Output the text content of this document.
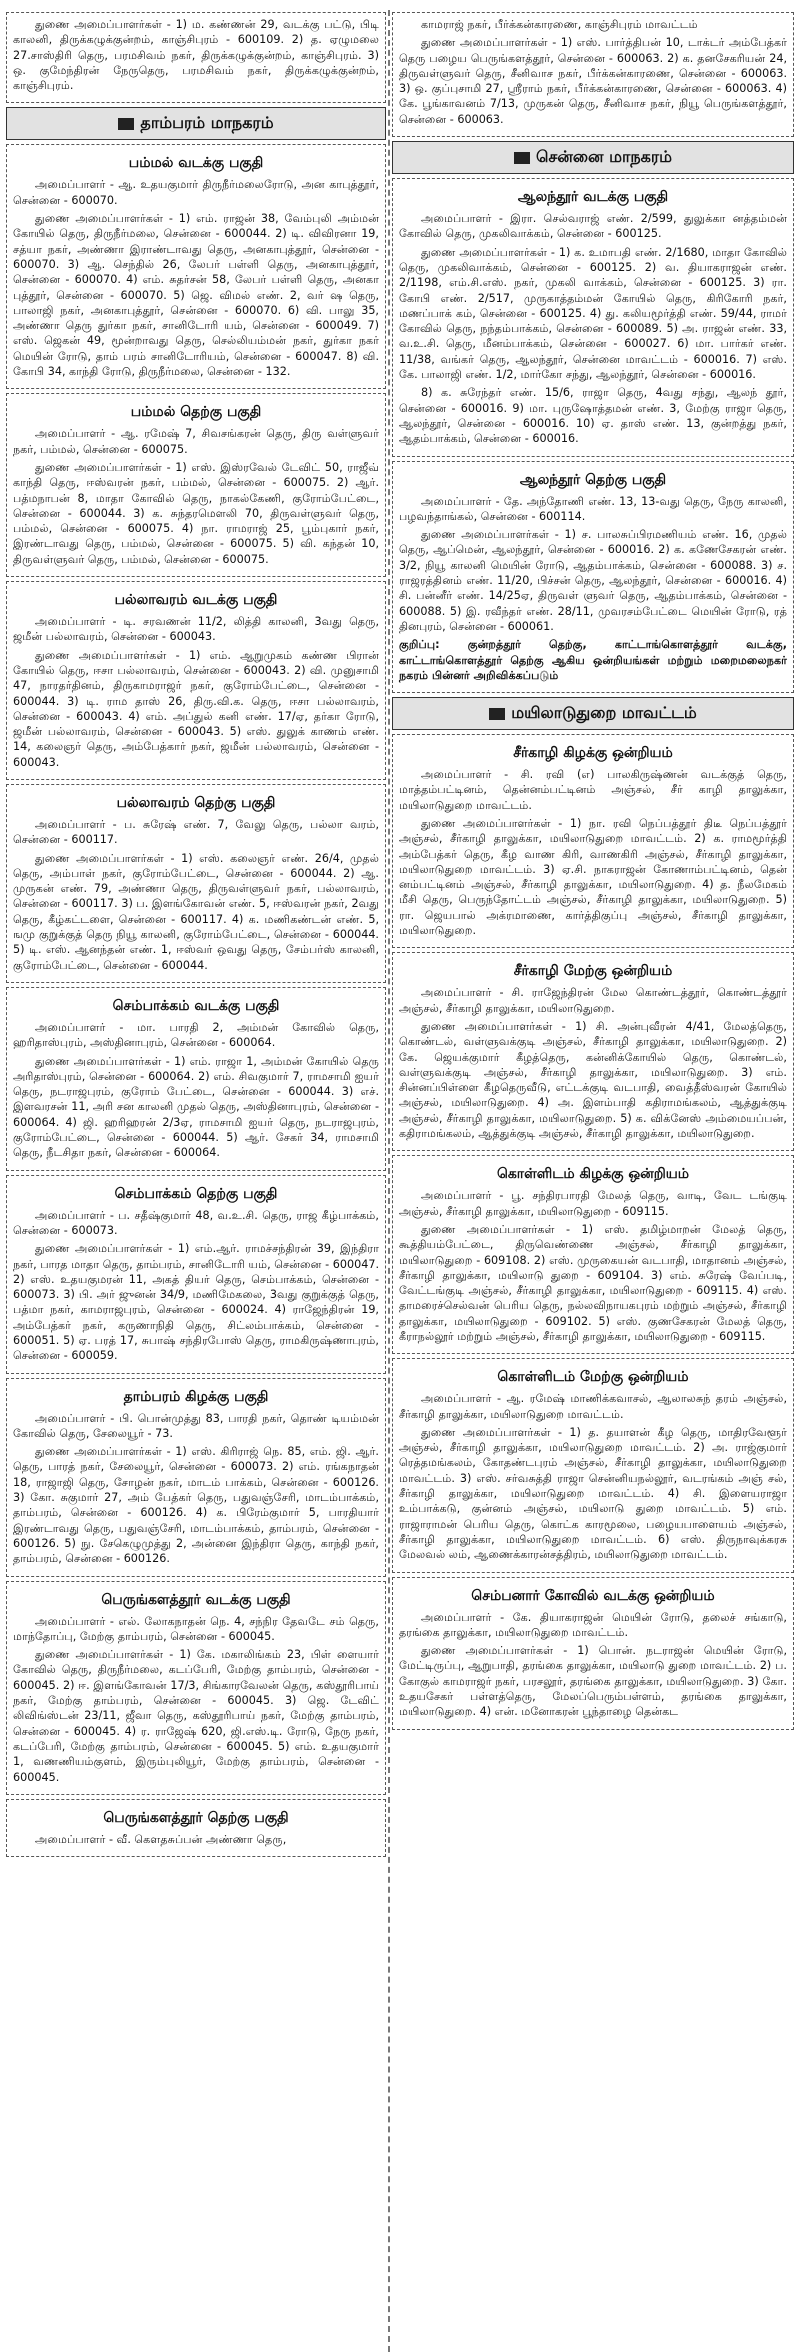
துணை அமைப்பாளர்கள் - 1) ம. கண்ணன் 29, வடக்கு பட்டு, பிடி காலனி, திருக்கழுக்குன்றம், காஞ்சிபுரம் - 600109. 2) த. ஏழுமலை 27.சாஸ்திரி தெரு, பரமசிவம் நகர், திருக்கழுக்குன்றம், காஞ்சிபுரம். 3) ஒ. குமேந்திரன் நேருதெரு, பரமசிவம் நகர், திருக்கழுக்குன்றம், காஞ்சிபுரம்.

தாம்பரம் மாநகரம்
பம்மல் வடக்கு பகுதி

அமைப்பாளர் - ஆ. உதயகுமார் திருநீர்மலைரோடு, அன காபுத்தூர், சென்னை - 600070.

துணை அமைப்பாளர்கள் - 1) எம். ராஜன் 38, வேம்புலி அம்மன் கோயில் தெரு, திருநீர்மலை, சென்னை - 600044. 2) டி. விவிரனா 19, சத்யா நகர், அண்ணா இராண்டாவது தெரு, அனகாபுத்தூர், சென்னை - 600070. 3) ஆ. செந்தில் 26, லேபர் பள்ளி தெரு, அனகாபுத்தூர், சென்னை - 600070. 4) எம். சுதர்சன் 58, லேபர் பள்ளி தெரு, அனகா புத்தூர், சென்னை - 600070. 5) ஜெ. விமல் எண். 2, வர் ஷ தெரு, பாலாஜி நகர், அனகாபுத்தூர், சென்னை - 600070. 6) வி. பாலு 35, அண்ணா தெரு துர்கா நகர், சானிடோரி யம், சென்னை - 600049. 7) எஸ். ஜெகன் 49, மூன்றாவது தெரு, செல்லியம்மன் நகர், துர்கா நகர் மெயின் ரோடு, தாம் பரம் சானிடோரியம், சென்னை - 600047. 8) வி. கோபி 34, காந்தி ரோடு, திருநீர்மலை, சென்னை - 132.

பம்மல் தெற்கு பகுதி

அமைப்பாளர் - ஆ. ரமேஷ் 7, சிவசங்கரன் தெரு, திரு வள்ளுவர் நகர், பம்மல், சென்னை - 600075.

துணை அமைப்பாளர்கள் - 1) எஸ். இஸ்ரவேல் டேவிட் 50, ராஜீவ் காந்தி தெரு, ஈஸ்வரன் நகர், பம்மல், சென்னை - 600075. 2) ஆர். பத்மநாபன் 8, மாதா கோவில் தெரு, நாகல்கேணி, குரோம்பேட்டை, சென்னை - 600044. 3) க. சுந்தரமௌலி 70, திருவள்ளுவர் தெரு, பம்மல், சென்னை - 600075. 4) நா. ராமராஜ் 25, பூம்புகார் நகர், இரண்டாவது தெரு, பம்மல், சென்னை - 600075. 5) வி. கந்தன் 10, திருவள்ளுவர் தெரு, பம்மல், சென்னை - 600075.

பல்லாவரம் வடக்கு பகுதி

அமைப்பாளர் - டி. சரவணன் 11/2, லித்தி காலனி, 3வது தெரு, ஜமீன் பல்லாவரம், சென்னை - 600043.

துணை அமைப்பாளர்கள் - 1) எம். ஆறுமுகம் கண்ண பிரான் கோயில் தெரு, ஈசா பல்லாவரம், சென்னை - 600043. 2) வி. முனுசாமி 47, நாரதர்தினம், திருகாமராஜர் நகர், குரோம்பேட்டை, சென்னை - 600044. 3) டி. ராம தாஸ் 26, திரு.வி.க. தெரு, ஈசா பல்லாவரம், சென்னை - 600043. 4) எம். அப்துல் கனி எண். 17/ஏ, தர்கா ரோடு, ஜமீன் பல்லாவரம், சென்னை - 600043. 5) எஸ். துலுக் காணம் எண். 14, கலைஞர் தெரு, அம்பேத்கார் நகர், ஜமீன் பல்லாவரம், சென்னை - 600043.

பல்லாவரம் தெற்கு பகுதி

அமைப்பாளர் - ப. சுரேஷ் எண். 7, வேலு தெரு, பல்லா வரம், சென்னை - 600117.

துணை அமைப்பாளர்கள் - 1) எஸ். கலைஞர் எண். 26/4, முதல் தெரு, அம்பாள் நகர், குரோம்பேட்டை, சென்னை - 600044. 2) ஆ. முருகன் எண். 79, அண்ணா தெரு, திருவள்ளுவர் நகர், பல்லாவரம், சென்னை - 600117. 3) ப. இளங்கோவன் எண். 5, ஈஸ்வரன் நகர், 2வது தெரு, கீழ்கட்டளை, சென்னை - 600117. 4) க. மணிகண்டன் எண். 5, ஙமு குறுக்குத் தெரு நியூ காலனி, குரோம்பேட்டை, சென்னை - 600044. 5) டி. எஸ். ஆனந்தன் எண். 1, ஈஸ்வர் ஒவது தெரு, சேம்பர்ஸ் காலனி, குரோம்பேட்டை, சென்னை - 600044.

செம்பாக்கம் வடக்கு பகுதி

அமைப்பாளர் - மா. பாரதி 2, அம்மன் கோவில் தெரு, ஹரிதாஸ்புரம், அஸ்தினாபுரம், சென்னை - 600064.

துணை அமைப்பாளர்கள் - 1) எம். ராஜா 1, அம்மன் கோயில் தெரு அரிதாஸ்புரம், சென்னை - 600064. 2) எம். சிவகுமார் 7, ராமசாமி ஐயர் தெரு, நடராஜபுரம், குரோம் பேட்டை, சென்னை - 600044. 3) எச். இளவரசன் 11, அரி சன காலனி முதல் தெரு, அஸ்தினாபுரம், சென்னை - 600064. 4) ஜி. ஹரிஹரன் 2/3ஏ, ராமசாமி ஐயர் தெரு, நடராஜபுரம், குரோம்பேட்டை, சென்னை - 600044. 5) ஆர். சேகர் 34, ராமசாமி தெரு, நீடசிதா நகர், சென்னை - 600064.

செம்பாக்கம் தெற்கு பகுதி

அமைப்பாளர் - ப. சதீஷ்குமார் 48, வ.உ.சி. தெரு, ராஜ கீழ்பாக்கம், சென்னை - 600073.

துணை அமைப்பாளர்கள் - 1) எம்.ஆர். ராமச்சந்திரன் 39, இந்திரா நகர், பாரத மாதா தெரு, தாம்பரம், சானிடோரி யம், சென்னை - 600047. 2) எஸ். உதயகுமரன் 11, அகத் தியர் தெரு, செம்பாக்கம், சென்னை - 600073. 3) பி. அர் ஜுனன் 34/9, மணிமேகலை, 3வது குறுக்குத் தெரு, பத்மா நகர், காமராஜபுரம், சென்னை - 600024. 4) ராஜேந்திரன் 19, அம்பேத்கர் நகர், கருணாநிதி தெரு, சிட்லம்பாக்கம், சென்னை - 600051. 5) ஏ. பரத் 17, சுபாஷ் சந்திரபோஸ் தெரு, ராமகிருஷ்ணாபுரம், சென்னை - 600059.

தாம்பரம் கிழக்கு பகுதி

அமைப்பாளர் - பி. பொன்முத்து 83, பாரதி நகர், தொண் டியம்மன் கோவில் தெரு, சேலையூர் - 73.

துணை அமைப்பாளர்கள் - 1) எஸ். கிரிராஜ் நெ. 85, எம். ஜி. ஆர். தெரு, பாரத் நகர், சேலையூர், சென்னை - 600073. 2) எம். ரங்கநாதன் 18, ராஜாஜி தெரு, சோழன் நகர், மாடம் பாக்கம், சென்னை - 600126. 3) கோ. சுகுமார் 27, அம் பேத்கர் தெரு, பதுவஞ்சேரி, மாடம்பாக்கம், தாம்பரம், சென்னை - 600126. 4) க. பிரேம்குமார் 5, பாரதியார் இரண்டாவது தெரு, பதுவஞ்சேரி, மாடம்பாக்கம், தாம்பரம், சென்னை - 600126. 5) நு. சேகெழுமுத்து 2, அன்னை இந்திரா தெரு, காந்தி நகர், தாம்பரம், சென்னை - 600126.

பெருங்களத்தூர் வடக்கு பகுதி

அமைப்பாளர் - எல். லோகநாதன் நெ. 4, சந்நிர தேவடே சம் தெரு, மாந்தோப்பு, மேற்கு தாம்பரம், சென்னை - 600045.

துணை அமைப்பாளர்கள் - 1) கே. மகாலிங்கம் 23, பிள் ளையார் கோவில் தெரு, திருநீர்மலை, கடப்பேரி, மேற்கு தாம்பரம், சென்னை - 600045. 2) ஈ. இளங்கோவன் 17/3, சிங்காரவேலன் தெரு, கஸ்தூரிபாய் நகர், மேற்கு தாம்பரம், சென்னை - 600045. 3) ஜெ. டேவிட் லிவிங்ஸ்டன் 23/11, ஜீவா தெரு, கஸ்தூரிபாய் நகர், மேற்கு தாம்பரம், சென்னை - 600045. 4) ர. ராஜேஷ் 620, ஜி.எஸ்.டி. ரோடு, நேரு நகர், கடப்பேரி, மேற்கு தாம்பரம், சென்னை - 600045. 5) எம். உதயகுமார் 1, வணணியம்குளம், இரும்புலியூர், மேற்கு தாம்பரம், சென்னை - 600045.

பெருங்களத்தூர் தெற்கு பகுதி

அமைப்பாளர் - வீ. கௌதசுப்பன் அண்ணா தெரு,

காமராஜ் நகர், பீர்க்கன்காரணை, காஞ்சிபுரம் மாவட்டம்

துணை அமைப்பாளர்கள் - 1) எஸ். பார்த்திபன் 10, டாக்டர் அம்பேத்கர் தெரு பழைய பெருங்களத்தூர், சென்னை - 600063. 2) க. தனசேகரியன் 24, திருவள்ளுவர் தெரு, சீனிவாச நகர், பீர்க்கன்காரணை, சென்னை - 600063. 3) ஒ. குப்புசாமி 27, ஸ்ரீராம் நகர், பீர்க்கன்காரணை, சென்னை - 600063. 4) கே. பூங்காவனம் 7/13, முருகன் தெரு, சீனிவாச நகர், நியூ பெருங்களத்தூர், சென்னை - 600063.

சென்னை மாநகரம்
ஆலந்தூர் வடக்கு பகுதி

அமைப்பாளர் - இரா. செல்வராஜ் எண். 2/599, துலுக்கா னத்தம்மன் கோவில் தெரு, முகலிவாக்கம், சென்னை - 600125.

துணை அமைப்பாளர்கள் - 1) க. உமாபதி எண். 2/1680, மாதா கோவில் தெரு, முகலிவாக்கம், சென்னை - 600125. 2) வ. தியாகராஜன் எண். 2/1198, எம்.சி.எஸ். நகர், முகலி வாக்கம், சென்னை - 600125. 3) ரா. கோபி எண். 2/517, முருகாத்தம்மன் கோயில் தெரு, கிரிகோரி நகர், மணப்பாக் கம், சென்னை - 600125. 4) து. கலியமூர்த்தி எண். 59/44, ராமர் கோவில் தெரு, நந்தம்பாக்கம், சென்னை - 600089. 5) அ. ராஜன் எண். 33, வ.உ.சி. தெரு, மீனம்பாக்கம், சென்னை - 600027. 6) மா. பார்கர் எண். 11/38, வங்கர் தெரு, ஆலந்தூர், சென்னை மாவட்டம் - 600016. 7) எஸ். கே. பாலாஜி எண். 1/2, மார்கோ சந்து, ஆலந்தூர், சென்னை - 600016.

8) க. சுரேந்தர் எண். 15/6, ராஜா தெரு, 4வது சந்து, ஆலந் தூர், சென்னை - 600016. 9) மா. புருஷோத்தமன் எண். 3, மேற்கு ராஜா தெரு, ஆலந்தூர், சென்னை - 600016. 10) ஏ. தாஸ் எண். 13, குன்றத்து நகர், ஆதம்பாக்கம், சென்னை - 600016.

ஆலந்தூர் தெற்கு பகுதி

அமைப்பாளர் - தே. அந்தோணி எண். 13, 13-வது தெரு, நேரு காலனி, பழவந்தாங்கல், சென்னை - 600114.

துணை அமைப்பாளர்கள் - 1) ச. பாலசுப்பிரமணியம் எண். 16, முதல் தெரு, ஆப்மென், ஆலந்தூர், சென்னை - 600016. 2) க. கணேசேகரன் எண். 3/2, நியூ காலனி மெயின் ரோடு, ஆதம்பாக்கம், சென்னை - 600088. 3) ச. ராஜரத்தினம் எண். 11/20, பிச்சன் தெரு, ஆலந்தூர், சென்னை - 600016. 4) சி. பன்னீர் எண். 14/25ஏ, திருவள் ளுவர் தெரு, ஆதம்பாக்கம், சென்னை - 600088. 5) இ. ரவீந்தர் எண். 28/11, முவரசம்பேட்டை மெயின் ரோடு, ரத் தினபுரம், சென்னை - 600061.

குறிப்பு: குன்றத்தூர் தெற்கு, காட்டாங்கொளத்தூர் வடக்கு, காட்டாங்கொளத்தூர் தெற்கு ஆகிய ஒன்றியங்கள் மற்றும் மறைமலைநகர் நகரம் பின்னர் அறிவிக்கப்படும்

மயிலாடுதுறை மாவட்டம்
சீர்காழி கிழக்கு ஒன்றியம்

அமைப்பாளர் - சி. ரவி (எ) பாலகிருஷ்ணன் வடக்குத் தெரு, மாத்தம்பட்டினம், தென்னம்பட்டினம் அஞ்சல், சீர் காழி தாலுக்கா, மயிலாடுதுறை மாவட்டம்.

துணை அமைப்பாளர்கள் - 1) நா. ரவி நெப்பத்தூர் திடீ நெப்பத்தூர் அஞ்சல், சீர்காழி தாலுக்கா, மயிலாடுதுறை மாவட்டம். 2) க. ராமமூர்த்தி அம்பேத்கர் தெரு, கீழ வாண கிரி, வாணகிரி அஞ்சல், சீர்காழி தாலுக்கா, மயிலாடுதுறை மாவட்டம். 3) ஏ.சி. நாகராஜன் கோணாம்பட்டினம், தென் னம்பட்டினம் அஞ்சல், சீர்காழி தாலுக்கா, மயிலாடுதுறை. 4) த. நீலமேகம் மீசி தெரு, பெருந்தோட்டம் அஞ்சல், சீர்காழி தாலுக்கா, மயிலாடுதுறை. 5) ரா. ஜெயபால் அக்ரமாணை, கார்த்திகுப்பு அஞ்சல், சீர்காழி தாலுக்கா, மயிலாடுதுறை.

சீர்காழி மேற்கு ஒன்றியம்

அமைப்பாளர் - சி. ராஜேந்திரன் மேல கொண்டத்தூர், கொண்டத்தூர் அஞ்சல், சீர்காழி தாலுக்கா, மயிலாடுதுறை.

துணை அமைப்பாளர்கள் - 1) சி. அன்புவீரன் 4/41, மேலத்தெரு, கொண்டல், வள்ளுவக்குடி அஞ்சல், சீர்காழி தாலுக்கா, மயிலாடுதுறை. 2) கே. ஜெயக்குமார் கீழத்தெரு, கன்னிக்கோயில் தெரு, கொண்டல், வள்ளுவக்குடி அஞ்சல், சீர்காழி தாலுக்கா, மயிலாடுதுறை. 3) எம். சின்னப்பிள்ளை கீழதெருவீடு, எட்டக்குடி வடபாதி, வைத்தீஸ்வரன் கோயில் அஞ்சல், மயிலாடுதுறை. 4) அ. இளம்பாதி கதிராமங்கலம், ஆத்துக்குடி அஞ்சல், சீர்காழி தாலுக்கா, மயிலாடுதுறை. 5) க. விக்னேஸ் அம்மையப்பன், கதிராமங்கலம், ஆத்துக்குடி அஞ்சல், சீர்காழி தாலுக்கா, மயிலாடுதுறை.

கொள்ளிடம் கிழக்கு ஒன்றியம்

அமைப்பாளர் - பூ. சந்திரபாரதி மேலத் தெரு, வாடி, வேட டங்குடி அஞ்சல், சீர்காழி தாலுக்கா, மயிலாடுதுறை - 609115.

துணை அமைப்பாளர்கள் - 1) எஸ். தமிழ்மாறன் மேலத் தெரு, கூத்தியம்பேட்டை, திருவெண்ணை அஞ்சல், சீர்காழி தாலுக்கா, மயிலாடுதுறை - 609108. 2) எஸ். முருகையன் வடபாதி, மாதானம் அஞ்சல், சீர்காழி தாலுக்கா, மயிலாடு துறை - 609104. 3) எம். சுரேஷ் வேப்படி, வேட்டங்குடி அஞ்சல், சீர்காழி தாலுக்கா, மயிலாடுதுறை - 609115. 4) எஸ். தாமரைச்செல்வன் பெரிய தெரு, நல்லவிநாயகபுரம் மற்றும் அஞ்சல், சீர்காழி தாலுக்கா, மயிலாடுதுறை - 609102. 5) எஸ். குணசேகரன் மேலத் தெரு, கீராநல்லூர் மற்றும் அஞ்சல், சீர்காழி தாலுக்கா, மயிலாடுதுறை - 609115.

கொள்ளிடம் மேற்கு ஒன்றியம்

அமைப்பாளர் - ஆ. ரமேஷ் மாணிக்கவாசல், ஆலாலசுந் தரம் அஞ்சல், சீர்காழி தாலுக்கா, மயிலாடுதுறை மாவட்டம்.

துணை அமைப்பாளர்கள் - 1) த. தயாளன் கீழ தெரு, மாதிரவேளூர் அஞ்சல், சீர்காழி தாலுக்கா, மயிலாடுதுறை மாவட்டம். 2) அ. ராஜ்குமார் ரெத்தமங்கலம், கோதண்டபுரம் அஞ்சல், சீர்காழி தாலுக்கா, மயிலாடுதுறை மாவட்டம். 3) எஸ். சர்வசுத்தி ராஜா சென்னியநல்லூர், வடரங்கம் அஞ் சல், சீர்காழி தாலுக்கா, மயிலாடுதுறை மாவட்டம். 4) சி. இளையராஜா உம்பாக்கடு, குன்னம் அஞ்சல், மயிலாடு துறை மாவட்டம். 5) எம். ராஜாராமன் பெரிய தெரு, கொட்க காரமூலை, பழையபாளையம் அஞ்சல், சீர்காழி தாலுக்கா, மயிலாடுதுறை மாவட்டம். 6) எஸ். திருநாவுக்கரசு மேலவல் லம், ஆணைக்காரன்சத்திரம், மயிலாடுதுறை மாவட்டம்.

செம்பனார் கோவில் வடக்கு ஒன்றியம்

அமைப்பாளர் - கே. தியாகராஜன் மெயின் ரோடு, தலைச் சங்காடு, தரங்கை தாலுக்கா, மயிலாடுதுறை மாவட்டம்.

துணை அமைப்பாளர்கள் - 1) பொன். நடராஜன் மெயின் ரோடு, மேட்டிருப்பு, ஆறுபாதி, தரங்கை தாலுக்கா, மயிலாடு துறை மாவட்டம். 2) ப. கோகுல் காமராஜர் நகர், பரசலூர், தரங்கை தாலுக்கா, மயிலாடுதுறை. 3) கோ. உதயசேகர் பள்ளத்தெரு, மேலப்பெரும்பள்ளம், தரங்கை தாலுக்கா, மயிலாடுதுறை. 4) என். மனோகரன் பூந்தாழை தென்கட
